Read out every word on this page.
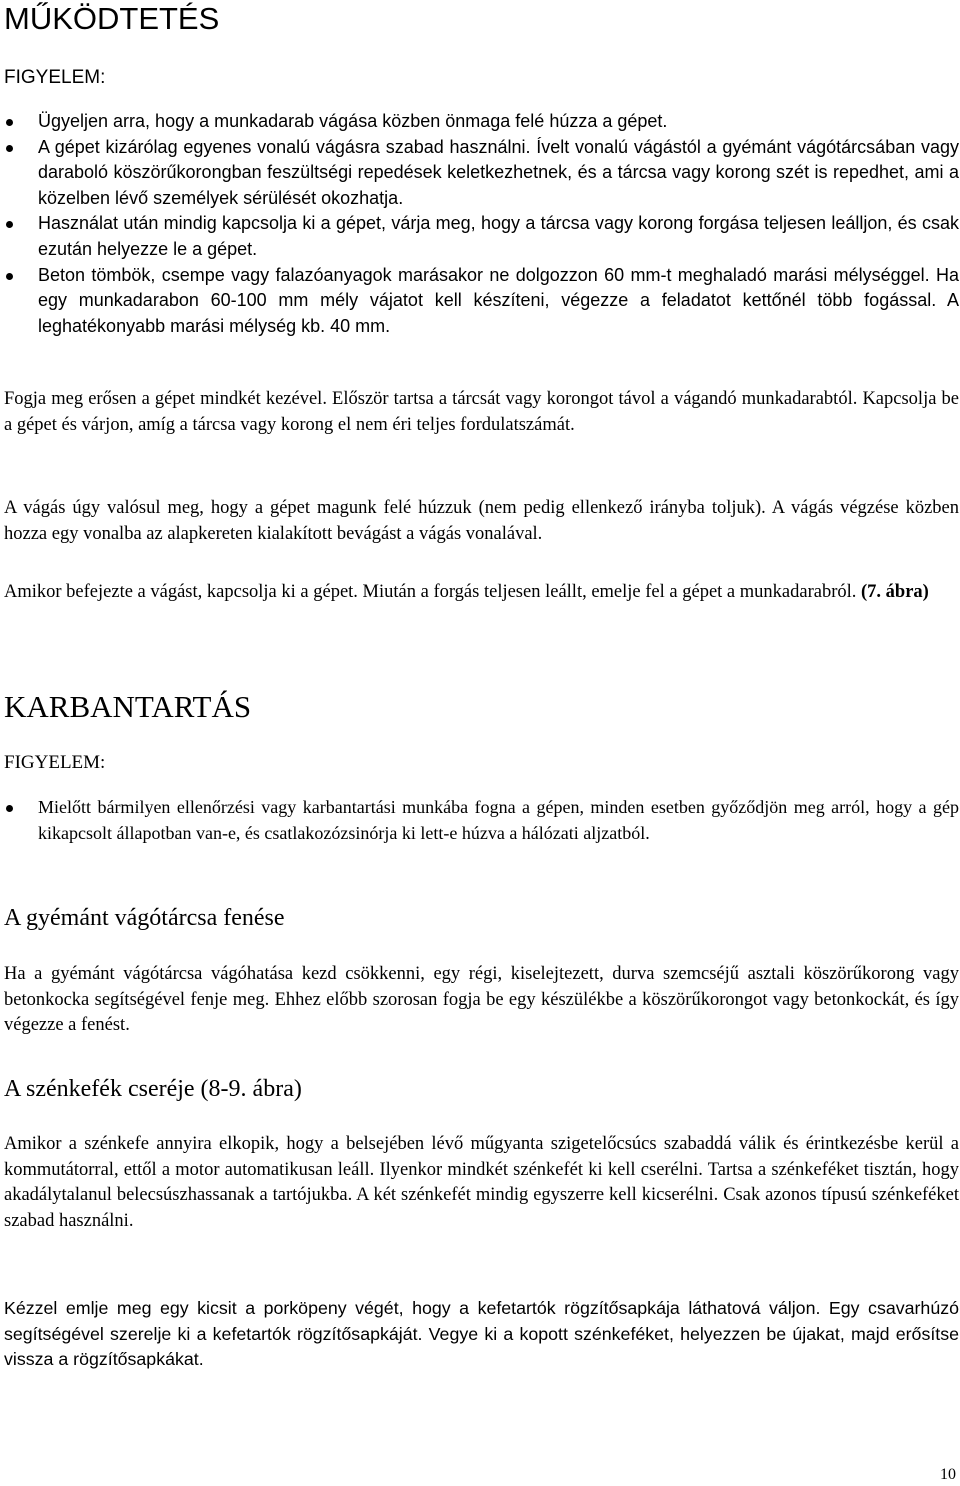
MŰKÖDTETÉS
FIGYELEM:
Ügyeljen arra, hogy a munkadarab vágása közben önmaga felé húzza a gépet.
A gépet kizárólag egyenes vonalú vágásra szabad használni. Ívelt vonalú vágástól a gyémánt vágótárcsában vagy daraboló köszörűkorongban feszültségi repedések keletkezhetnek, és a tárcsa vagy korong szét is repedhet, ami a közelben lévő személyek sérülését okozhatja.
Használat után mindig kapcsolja ki a gépet, várja meg, hogy a tárcsa vagy korong forgása teljesen leálljon, és csak ezután helyezze le a gépet.
Beton tömbök, csempe vagy falazóanyagok marásakor ne dolgozzon 60 mm-t meghaladó marási mélységgel. Ha egy munkadarabon 60-100 mm mély vájatot kell készíteni, végezze a feladatot kettőnél több fogással. A leghatékonyabb marási mélység kb. 40 mm.

Fogja meg erősen a gépet mindkét kezével. Először tartsa a tárcsát vagy korongot távol a vágandó munkadarabtól. Kapcsolja be a gépet és várjon, amíg a tárcsa vagy korong el nem éri teljes fordulatszámát.

A vágás úgy valósul meg, hogy a gépet magunk felé húzzuk (nem pedig ellenkező irányba toljuk). A vágás végzése közben hozza egy vonalba az alapkereten kialakított bevágást a vágás vonalával.

Amikor befejezte a vágást, kapcsolja ki a gépet. Miután a forgás teljesen leállt, emelje fel a gépet a munkadarabról. (7. ábra)

KARBANTARTÁS
FIGYELEM:
Mielőtt bármilyen ellenőrzési vagy karbantartási munkába fogna a gépen, minden esetben győződjön meg arról, hogy a gép kikapcsolt állapotban van-e, és csatlakozózsinórja ki lett-e húzva a hálózati aljzatból.
A gyémánt vágótárcsa fenése

Ha a gyémánt vágótárcsa vágóhatása kezd csökkenni, egy régi, kiselejtezett, durva szemcséjű asztali köszörűkorong vagy betonkocka segítségével fenje meg. Ehhez előbb szorosan fogja be egy készülékbe a köszörűkorongot vagy betonkockát, és így végezze a fenést.

A szénkefék cseréje (8-9. ábra)

Amikor a szénkefe annyira elkopik, hogy a belsejében lévő műgyanta szigetelőcsúcs szabaddá válik és érintkezésbe kerül a kommutátorral, ettől a motor automatikusan leáll. Ilyenkor mindkét szénkefét ki kell cserélni. Tartsa a szénkeféket tisztán, hogy akadálytalanul belecsúszhassanak a tartójukba. A két szénkefét mindig egyszerre kell kicserélni. Csak azonos típusú szénkeféket szabad használni.

Kézzel emlje meg egy kicsit a porköpeny végét, hogy a kefetartók rögzítősapkája láthatová váljon. Egy csavarhúzó segítségével szerelje ki a kefetartók rögzítősapkáját. Vegye ki a kopott szénkeféket, helyezzen be újakat, majd erősítse vissza a rögzítősapkákat.

10
